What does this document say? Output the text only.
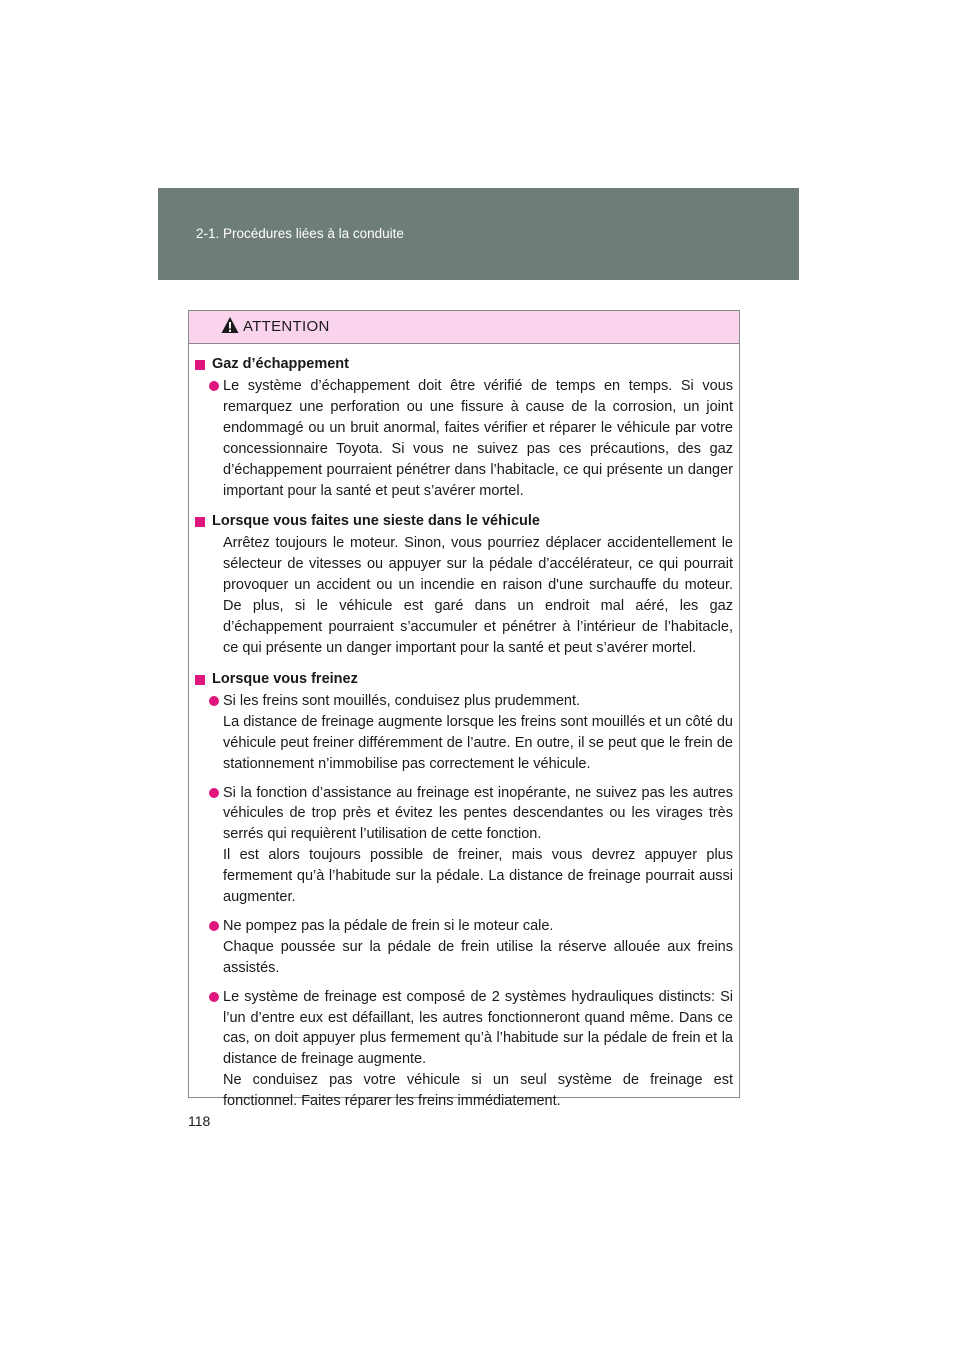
2-1. Procédures liées à la conduite
ATTENTION
Gaz d’échappement

Le système d’échappement doit être vérifié de temps en temps. Si vous remarquez une perforation ou une fissure à cause de la corrosion, un joint endommagé ou un bruit anormal, faites vérifier et réparer le véhicule par votre concessionnaire Toyota. Si vous ne suivez pas ces précautions, des gaz d’échappement pourraient pénétrer dans l’habitacle, ce qui présente un danger important pour la santé et peut s’avérer mortel.

Lorsque vous faites une sieste dans le véhicule

Arrêtez toujours le moteur. Sinon, vous pourriez déplacer accidentellement le sélecteur de vitesses ou appuyer sur la pédale d’accélérateur, ce qui pourrait provoquer un accident ou un incendie en raison d'une surchauffe du moteur. De plus, si le véhicule est garé dans un endroit mal aéré, les gaz d’échappement pourraient s’accumuler et pénétrer à l’intérieur de l’habitacle, ce qui présente un danger important pour la santé et peut s’avérer mortel.

Lorsque vous freinez

Si les freins sont mouillés, conduisez plus prudemment.

La distance de freinage augmente lorsque les freins sont mouillés et un côté du véhicule peut freiner différemment de l’autre. En outre, il se peut que le frein de stationnement n’immobilise pas correctement le véhicule.

Si la fonction d’assistance au freinage est inopérante, ne suivez pas les autres véhicules de trop près et évitez les pentes descendantes ou les virages très serrés qui requièrent l’utilisation de cette fonction.

Il est alors toujours possible de freiner, mais vous devrez appuyer plus fermement qu’à l’habitude sur la pédale. La distance de freinage pourrait aussi augmenter.

Ne pompez pas la pédale de frein si le moteur cale.

Chaque poussée sur la pédale de frein utilise la réserve allouée aux freins assistés.

Le système de freinage est composé de 2 systèmes hydrauliques distincts: Si l’un d’entre eux est défaillant, les autres fonctionneront quand même. Dans ce cas, on doit appuyer plus fermement qu’à l’habitude sur la pédale de frein et la distance de freinage augmente.

Ne conduisez pas votre véhicule si un seul système de freinage est fonctionnel. Faites réparer les freins immédiatement.

118
